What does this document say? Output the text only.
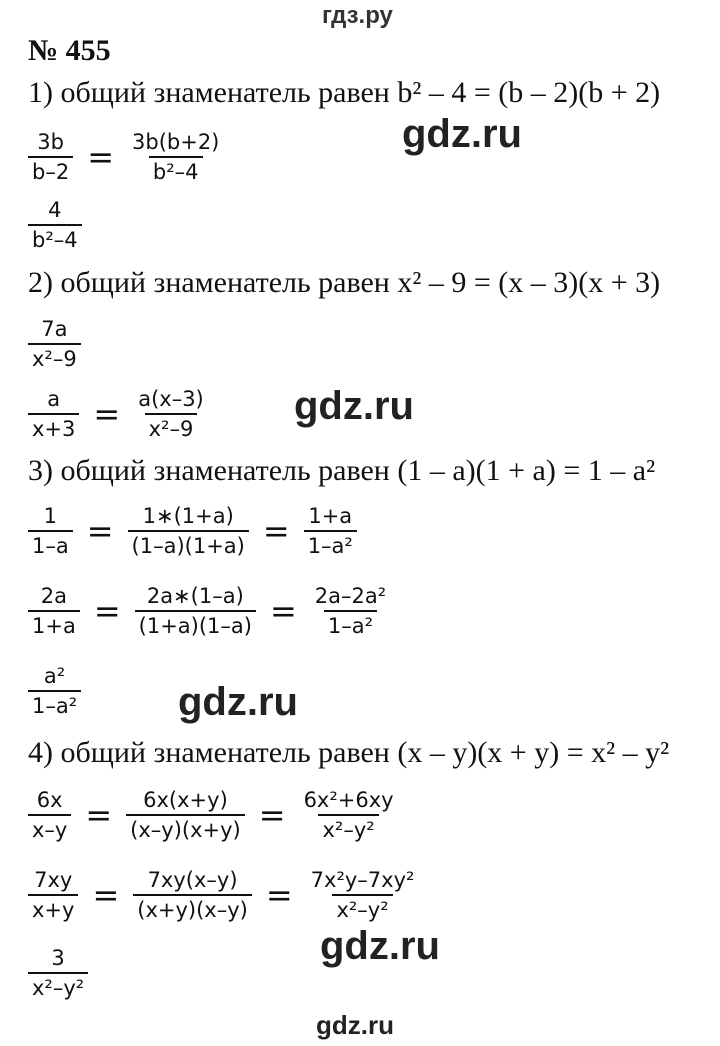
гдз.ру
№ 455
1) общий знаменатель равен b² – 4 = (b – 2)(b + 2)
$\frac{3b}{b-2} = \frac{3b(b+2)}{\text{b²–4}}$
$\frac{4}{\text{b²–4}}$
2) общий знаменатель равен x² – 9 = (x – 3)(x + 3)
$\frac{7a}{\text{x²–9}}$
$\frac{a}{x+3} = \frac{a(x-3)}{\text{x²–9}}$
3) общий знаменатель равен (1 – a)(1 + a) = 1 – a²
$\frac{1}{1-a} = \frac{1∗(1+a)}{(1-a)(1+a)} = \frac{1+a}{\text{1–a²}}$
$\frac{2a}{1+a} = \frac{2a∗(1-a)}{(1+a)(1-a)} = \frac{\text{2a–2a²}}{\text{1–a²}}$
$\frac{\text{a²}}{\text{1–a²}}$
4) общий знаменатель равен (x – y)(x + y) = x² – y²
$\frac{6x}{x-y} = \frac{6x(x+y)}{(x-y)(x+y)} = \frac{\text{6x²+6xy}}{\text{x²–y²}}$
$\frac{7xy}{x+y} = \frac{7xy(x-y)}{(x+y)(x-y)} = \frac{\text{7x²y–7xy²}}{\text{x²–y²}}$
$\frac{3}{\text{x²–y²}}$
gdz.ru
gdz.ru
gdz.ru
gdz.ru
gdz.ru
